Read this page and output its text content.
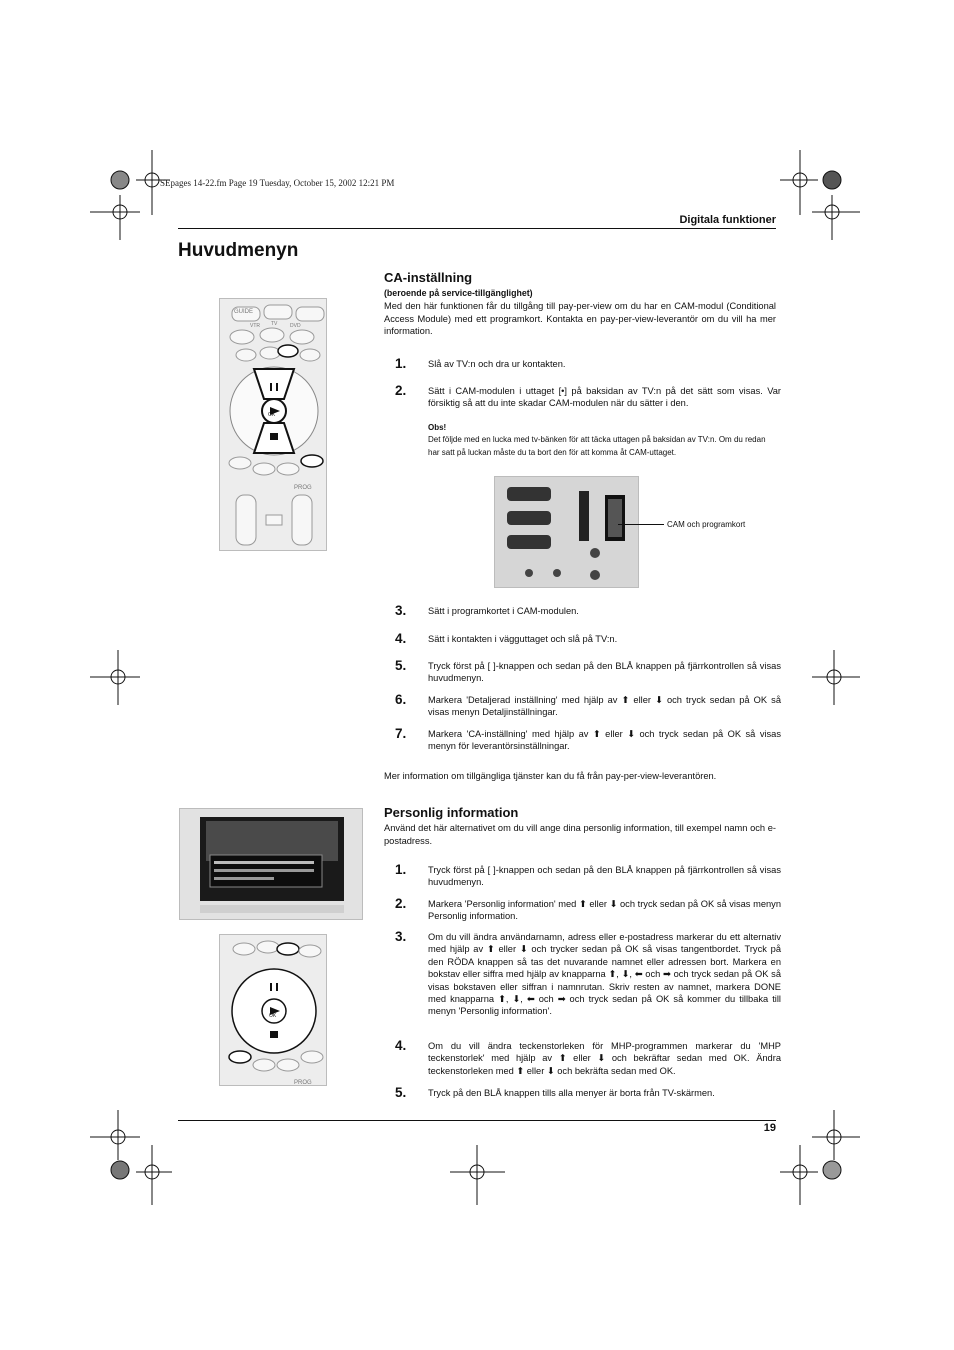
SEpages 14-22.fm Page 19 Tuesday, October 15, 2002 12:21 PM
Digitala funktioner
Huvudmenyn
GUIDE
VTR TV	DVD
OK
PROG
CA-inställning
(beroende på service-tillgänglighet)
Med den här funktionen får du tillgång till pay-per-view om du har en CAM-modul (Conditional Access Module) med ett programkort. Kontakta en pay-per-view-leverantör om du vill ha mer information.
1. Slå av TV:n och dra ur kontakten.
2. Sätt i CAM-modulen i uttaget [•] på baksidan av TV:n på det sätt som visas. Var försiktig så att du inte skadar CAM-modulen när du sätter i den.
Obs!
Det följde med en lucka med tv-bänken för att täcka uttagen på baksidan av TV:n. Om du redan har satt på luckan måste du ta bort den för att komma åt CAM-uttaget.
CAM och programkort
3. Sätt i programkortet i CAM-modulen.
4. Sätt i kontakten i vägguttaget och slå på TV:n.
5. Tryck först på [ ]-knappen och sedan på den BLÅ knappen på fjärrkontrollen så visas huvudmenyn.
6. Markera 'Detaljerad inställning' med hjälp av ⬆ eller ⬇ och tryck sedan på OK så visas menyn Detaljinställningar.
7. Markera 'CA-inställning' med hjälp av ⬆ eller ⬇ och tryck sedan på OK så visas menyn för leverantörsinställningar.
Mer information om tillgängliga tjänster kan du få från pay-per-view-leverantören.
OK
PROG
Personlig information
Använd det här alternativet om du vill ange dina personlig information, till exempel namn och e-postadress.
1. Tryck först på [ ]-knappen och sedan på den BLÅ knappen på fjärrkontrollen så visas huvudmenyn.
2. Markera 'Personlig information' med ⬆ eller ⬇ och tryck sedan på OK så visas menyn Personlig information.
3. Om du vill ändra användarnamn, adress eller e-postadress markerar du ett alternativ med hjälp av ⬆ eller ⬇ och trycker sedan på OK så visas tangentbordet. Tryck på den RÖDA knappen så tas det nuvarande namnet eller adressen bort. Markera en bokstav eller siffra med hjälp av knapparna ⬆, ⬇, ⬅ och ➡ och tryck sedan på OK så visas bokstaven eller siffran i namnrutan. Skriv resten av namnet, markera DONE med knapparna ⬆, ⬇, ⬅ och ➡ och tryck sedan på OK så kommer du tillbaka till menyn 'Personlig information'.
4. Om du vill ändra teckenstorleken för MHP-programmen markerar du 'MHP teckenstorlek' med hjälp av ⬆ eller ⬇ och bekräftar sedan med OK. Ändra teckenstorleken med ⬆ eller ⬇ och bekräfta sedan med OK.
5. Tryck på den BLÅ knappen tills alla menyer är borta från TV-skärmen.
19
